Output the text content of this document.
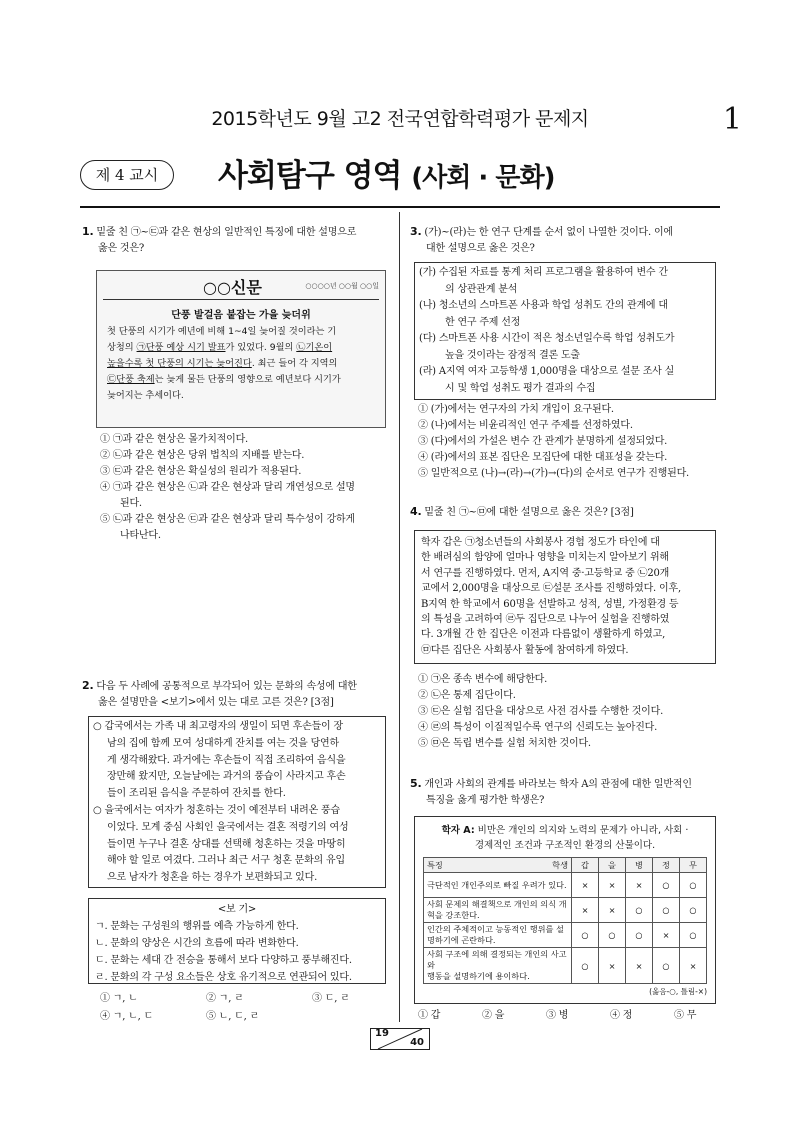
2015학년도 9월 고2 전국연합학력평가 문제지	1
제 4 교시	사회탐구 영역 (사회 · 문화)
1. 밑줄 친 ㉠~㉢과 같은 현상의 일반적인 특징에 대한 설명으로
옳은 것은?
○○신문	○○○○년 ○○월 ○○일
단풍 발걸음 붙잡는 가을 늦더위
첫 단풍의 시기가 예년에 비해 1~4일 늦어질 것이라는 기
상청의 ㉠단풍 예상 시기 발표가 있었다. 9월의 ㉡기온이
높을수록 첫 단풍의 시기는 늦어진다. 최근 들어 각 지역의
㉢단풍 축제는 늦게 물든 단풍의 영향으로 예년보다 시기가
늦어지는 추세이다.
① ㉠과 같은 현상은 몰가치적이다.
② ㉡과 같은 현상은 당위 법칙의 지배를 받는다.
③ ㉢과 같은 현상은 확실성의 원리가 적용된다.
④ ㉠과 같은 현상은 ㉡과 같은 현상과 달리 개연성으로 설명
된다.
⑤ ㉡과 같은 현상은 ㉢과 같은 현상과 달리 특수성이 강하게
나타난다.
2. 다음 두 사례에 공통적으로 부각되어 있는 문화의 속성에 대한
옳은 설명만을 <보기>에서 있는 대로 고른 것은? [3점]
○ 갑국에서는 가족 내 최고령자의 생일이 되면 후손들이 장
남의 집에 함께 모여 성대하게 잔치를 여는 것을 당연하
게 생각해왔다. 과거에는 후손들이 직접 조리하여 음식을
장만해 왔지만, 오늘날에는 과거의 풍습이 사라지고 후손
들이 조리된 음식을 주문하여 잔치를 한다.
○ 을국에서는 여자가 청혼하는 것이 예전부터 내려온 풍습
이었다. 모계 중심 사회인 을국에서는 결혼 적령기의 여성
들이면 누구나 결혼 상대를 선택해 청혼하는 것을 마땅히
해야 할 일로 여겼다. 그러나 최근 서구 청혼 문화의 유입
으로 남자가 청혼을 하는 경우가 보편화되고 있다.
<보 기>
ㄱ. 문화는 구성원의 행위를 예측 가능하게 한다.
ㄴ. 문화의 양상은 시간의 흐름에 따라 변화한다.
ㄷ. 문화는 세대 간 전승을 통해서 보다 다양하고 풍부해진다.
ㄹ. 문화의 각 구성 요소들은 상호 유기적으로 연관되어 있다.
① ㄱ, ㄴ	② ㄱ, ㄹ	③ ㄷ, ㄹ
④ ㄱ, ㄴ, ㄷ	⑤ ㄴ, ㄷ, ㄹ
3. (가)~(라)는 한 연구 단계를 순서 없이 나열한 것이다. 이에
대한 설명으로 옳은 것은?
(가) 수집된 자료를 통계 처리 프로그램을 활용하여 변수 간
의 상관관계 분석
(나) 청소년의 스마트폰 사용과 학업 성취도 간의 관계에 대
한 연구 주제 선정
(다) 스마트폰 사용 시간이 적은 청소년일수록 학업 성취도가
높을 것이라는 잠정적 결론 도출
(라) A지역 여자 고등학생 1,000명을 대상으로 설문 조사 실
시 및 학업 성취도 평가 결과의 수집
① (가)에서는 연구자의 가치 개입이 요구된다.
② (나)에서는 비윤리적인 연구 주제를 선정하였다.
③ (다)에서의 가설은 변수 간 관계가 분명하게 설정되었다.
④ (라)에서의 표본 집단은 모집단에 대한 대표성을 갖는다.
⑤ 일반적으로 (나)→(라)→(가)→(다)의 순서로 연구가 진행된다.
4. 밑줄 친 ㉠~㉤에 대한 설명으로 옳은 것은? [3점]
학자 갑은 ㉠청소년들의 사회봉사 경험 정도가 타인에 대
한 배려심의 함양에 얼마나 영향을 미치는지 알아보기 위해
서 연구를 진행하였다. 먼저, A지역 중·고등학교 중 ㉡20개
교에서 2,000명을 대상으로 ㉢설문 조사를 진행하였다. 이후,
B지역 한 학교에서 60명을 선발하고 성적, 성별, 가정환경 등
의 특성을 고려하여 ㉣두 집단으로 나누어 실험을 진행하였
다. 3개월 간 한 집단은 이전과 다름없이 생활하게 하였고,
㉤다른 집단은 사회봉사 활동에 참여하게 하였다.
① ㉠은 종속 변수에 해당한다.
② ㉡은 통제 집단이다.
③ ㉢은 실험 집단을 대상으로 사전 검사를 수행한 것이다.
④ ㉣의 특성이 이질적일수록 연구의 신뢰도는 높아진다.
⑤ ㉤은 독립 변수를 실험 처치한 것이다.
5. 개인과 사회의 관계를 바라보는 학자 A의 관점에 대한 일반적인
특징을 옳게 평가한 학생은?
학자 A: 비만은 개인의 의지와 노력의 문제가 아니라, 사회 ·
경제적인 조건과 구조적인 환경의 산물이다.
특징 학생	갑	을	병	정	무

극단적인 개인주의로 빠질 우려가 있다.	×	×	×	○	○

사회 문제의 해결책으로 개인의 의식 개
혁을 강조한다.	×	×	○	○	○

인간의 주체적이고 능동적인 행위를 설
명하기에 곤란하다.	○	○	○	×	○

사회 구조에 의해 결정되는 개인의 사고와
행동을 설명하기에 용이하다.	○	×	×	○	×
(옳음-○, 틀림-×)
① 갑	② 을	③ 병	④ 정	⑤ 무
19
40
